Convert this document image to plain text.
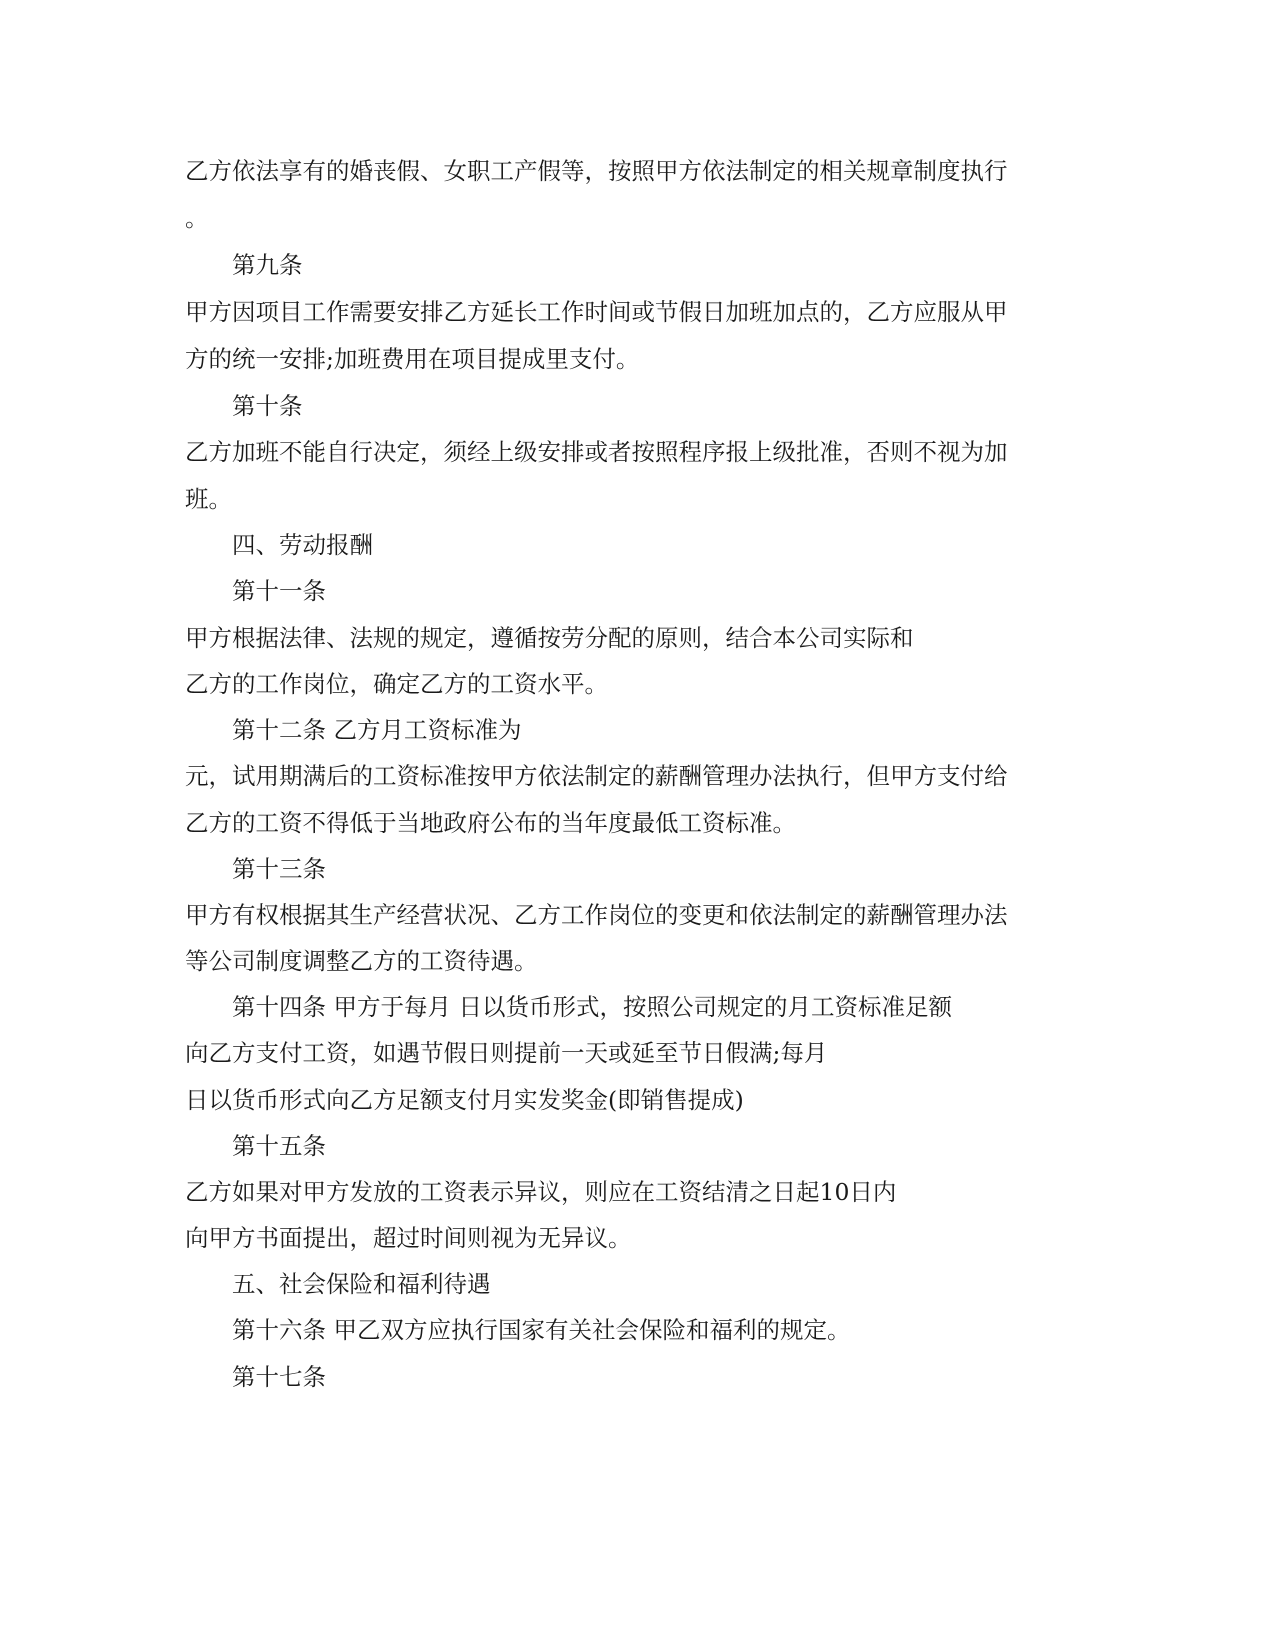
乙方依法享有的婚丧假、女职工产假等，按照甲方依法制定的相关规章制度执行
。
第九条
甲方因项目工作需要安排乙方延长工作时间或节假日加班加点的，乙方应服从甲
方的统一安排;加班费用在项目提成里支付。
第十条
乙方加班不能自行决定，须经上级安排或者按照程序报上级批准，否则不视为加
班。
四、劳动报酬
第十一条
甲方根据法律、法规的规定，遵循按劳分配的原则，结合本公司实际和
乙方的工作岗位，确定乙方的工资水平。
第十二条 乙方月工资标准为
元，试用期满后的工资标准按甲方依法制定的薪酬管理办法执行，但甲方支付给
乙方的工资不得低于当地政府公布的当年度最低工资标准。
第十三条
甲方有权根据其生产经营状况、乙方工作岗位的变更和依法制定的薪酬管理办法
等公司制度调整乙方的工资待遇。
第十四条 甲方于每月 日以货币形式，按照公司规定的月工资标准足额
向乙方支付工资，如遇节假日则提前一天或延至节日假满;每月
日以货币形式向乙方足额支付月实发奖金(即销售提成)
第十五条
乙方如果对甲方发放的工资表示异议，则应在工资结清之日起10日内
向甲方书面提出，超过时间则视为无异议。
五、社会保险和福利待遇
第十六条 甲乙双方应执行国家有关社会保险和福利的规定。
第十七条
